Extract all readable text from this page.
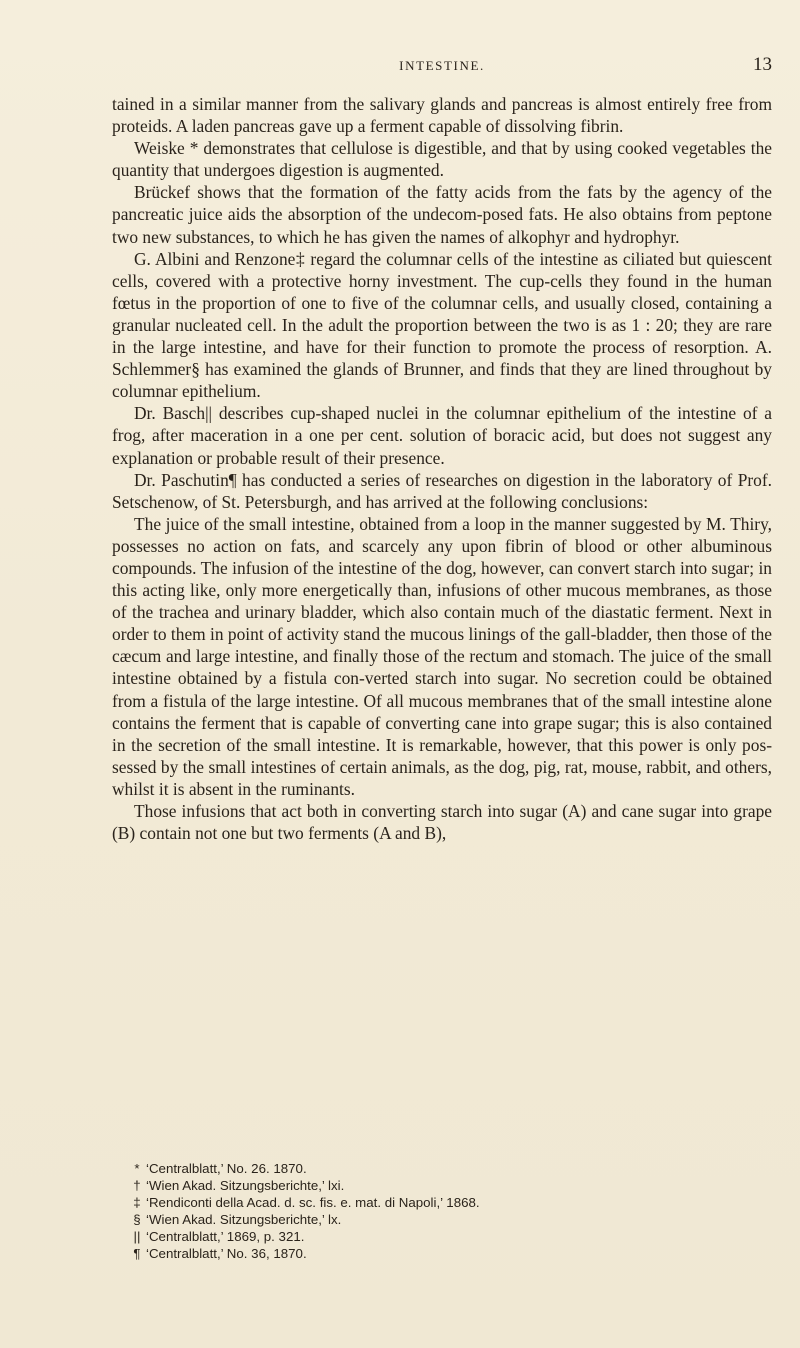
INTESTINE.	13

tained in a similar manner from the salivary glands and pancreas is almost entirely free from proteids. A laden pancreas gave up a ferment capable of dissolving fibrin.

Weiske * demonstrates that cellulose is digestible, and that by using cooked vegetables the quantity that undergoes digestion is augmented.

Brückef shows that the formation of the fatty acids from the fats by the agency of the pancreatic juice aids the absorption of the undecom-posed fats. He also obtains from peptone two new substances, to which he has given the names of alkophyr and hydrophyr.

G. Albini and Renzone‡ regard the columnar cells of the intestine as ciliated but quiescent cells, covered with a protective horny investment. The cup-cells they found in the human fœtus in the proportion of one to five of the columnar cells, and usually closed, containing a granular nucleated cell. In the adult the proportion between the two is as 1 : 20; they are rare in the large intestine, and have for their function to promote the process of resorption. A. Schlemmer§ has examined the glands of Brunner, and finds that they are lined throughout by columnar epithelium.

Dr. Basch|| describes cup-shaped nuclei in the columnar epithelium of the intestine of a frog, after maceration in a one per cent. solution of boracic acid, but does not suggest any explanation or probable result of their presence.

Dr. Paschutin¶ has conducted a series of researches on digestion in the laboratory of Prof. Setschenow, of St. Petersburgh, and has arrived at the following conclusions:

The juice of the small intestine, obtained from a loop in the manner suggested by M. Thiry, possesses no action on fats, and scarcely any upon fibrin of blood or other albuminous compounds. The infusion of the intestine of the dog, however, can convert starch into sugar; in this acting like, only more energetically than, infusions of other mucous membranes, as those of the trachea and urinary bladder, which also contain much of the diastatic ferment. Next in order to them in point of activity stand the mucous linings of the gall-bladder, then those of the cæcum and large intestine, and finally those of the rectum and stomach. The juice of the small intestine obtained by a fistula con-verted starch into sugar. No secretion could be obtained from a fistula of the large intestine. Of all mucous membranes that of the small intestine alone contains the ferment that is capable of converting cane into grape sugar; this is also contained in the secretion of the small intestine. It is remarkable, however, that this power is only pos-sessed by the small intestines of certain animals, as the dog, pig, rat, mouse, rabbit, and others, whilst it is absent in the ruminants.

Those infusions that act both in converting starch into sugar (A) and cane sugar into grape (B) contain not one but two ferments (A and B),

* ‘Centralblatt,’ No. 26. 1870.
† ‘Wien Akad. Sitzungsberichte,’ lxi.
‡ ‘Rendiconti della Acad. d. sc. fis. e. mat. di Napoli,’ 1868.
§ ‘Wien Akad. Sitzungsberichte,’ lx.
|| ‘Centralblatt,’ 1869, p. 321.
¶ ‘Centralblatt,’ No. 36, 1870.
